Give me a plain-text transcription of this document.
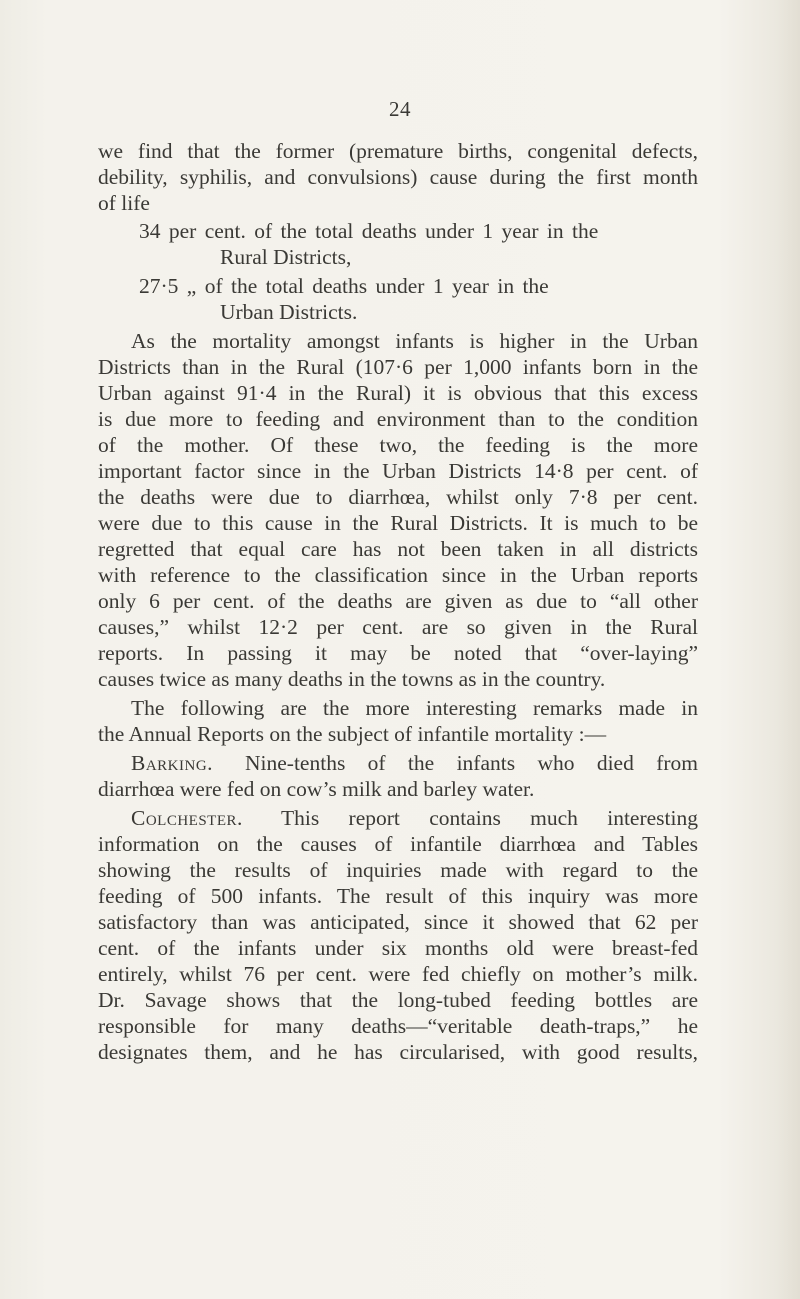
24
we find that the former (premature births, congenital defects,
debility, syphilis, and convulsions) cause during the first month
of life
34 per cent. of the total deaths under 1 year in the
Rural Districts,
27·5 „ of the total deaths under 1 year in the
Urban Districts.
As the mortality amongst infants is higher in the Urban
Districts than in the Rural (107·6 per 1,000 infants born in the
Urban against 91·4 in the Rural) it is obvious that this excess
is due more to feeding and environment than to the condition
of the mother. Of these two, the feeding is the more
important factor since in the Urban Districts 14·8 per cent. of
the deaths were due to diarrhœa, whilst only 7·8 per cent.
were due to this cause in the Rural Districts. It is much to be
regretted that equal care has not been taken in all districts
with reference to the classification since in the Urban reports
only 6 per cent. of the deaths are given as due to “all other
causes,” whilst 12·2 per cent. are so given in the Rural
reports. In passing it may be noted that “over-laying”
causes twice as many deaths in the towns as in the country.
The following are the more interesting remarks made in
the Annual Reports on the subject of infantile mortality :—
Barking.	Nine-tenths of the infants who died from
diarrhœa were fed on cow’s milk and barley water.
Colchester.	This report contains much interesting
information on the causes of infantile diarrhœa and Tables
showing the results of inquiries made with regard to the
feeding of 500 infants. The result of this inquiry was more
satisfactory than was anticipated, since it showed that 62 per
cent. of the infants under six months old were breast-fed
entirely, whilst 76 per cent. were fed chiefly on mother’s milk.
Dr. Savage shows that the long-tubed feeding bottles are
responsible for many deaths—“veritable death-traps,” he
designates them, and he has circularised, with good results,
